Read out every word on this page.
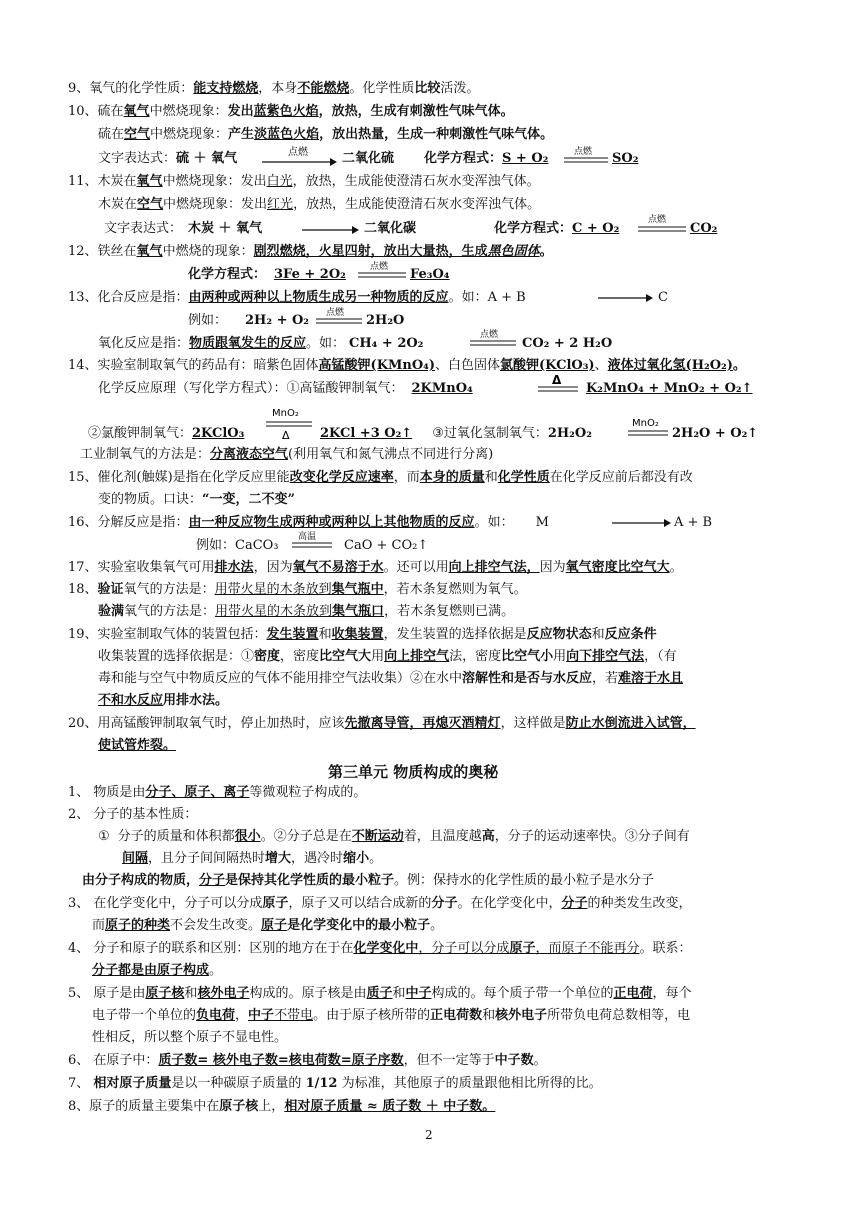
9、氧气的化学性质：能支持燃烧，本身不能燃烧。化学性质比较活泼。
10、硫在氧气中燃烧现象：发出蓝紫色火焰，放热，生成有刺激性气味气体。
硫在空气中燃烧现象：产生淡蓝色火焰，放出热量，生成一种刺激性气味气体。
文字表达式：硫 ＋ 氧气	点燃	二氧化硫 化学方程式：S + O₂	点燃 SO₂
11、木炭在氧气中燃烧现象：发出白光，放热，生成能使澄清石灰水变浑浊气体。
木炭在空气中燃烧现象：发出红光，放热，生成能使澄清石灰水变浑浊气体。
文字表达式： 木炭 ＋ 氧气	二氧化碳	化学方程式：C + O₂
点燃
CO₂
12、铁丝在氧气中燃烧的现象：剧烈燃烧，火星四射，放出大量热，生成黑色固体。
化学方程式： 3Fe + 2O₂	点燃 Fe₃O₄
13、化合反应是指：由两种或两种以上物质生成另一种物质的反应。如：A + B	C
例如： 2H₂ + O₂ 点燃 2H₂O
氧化反应是指：物质跟氧发生的反应。如： CH₄ + 2O₂
点燃
CO₂ + 2 H₂O
14、实验室制取氧气的药品有：暗紫色固体高锰酸钾(KMnO₄)、白色固体氯酸钾(KClO₃)、液体过氧化氢(H₂O₂)。
化学反应原理（写化学方程式）：①高锰酸钾制氧气： 2KMnO₄
Δ
K₂MnO₄ + MnO₂ + O₂↑
②氯酸钾制氧气：2KClO₃
MnO₂
Δ 2KCl +3 O₂↑ ③过氧化氢制氧气：2H₂O₂
MnO₂
2H₂O + O₂↑
工业制氧气的方法是：分离液态空气(利用氧气和氮气沸点不同进行分离)
15、催化剂(触媒)是指在化学反应里能改变化学反应速率，而本身的质量和化学性质在化学反应前后都没有改
变的物质。口诀：“一变，二不变”
16、分解反应是指：由一种反应物生成两种或两种以上其他物质的反应。如： M	A + B
例如：CaCO₃
高温
CaO + CO₂↑
17、实验室收集氧气可用排水法，因为氧气不易溶于水。还可以用向上排空气法，因为氧气密度比空气大。
18、验证氧气的方法是：用带火星的木条放到集气瓶中，若木条复燃则为氧气。
验满氧气的方法是：用带火星的木条放到集气瓶口，若木条复燃则已满。
19、实验室制取气体的装置包括：发生装置和收集装置，发生装置的选择依据是反应物状态和反应条件
收集装置的选择依据是：①密度，密度比空气大用向上排空气法，密度比空气小用向下排空气法，（有
毒和能与空气中物质反应的气体不能用排空气法收集）②在水中溶解性和是否与水反应，若难溶于水且
不和水反应用排水法。
20、用高锰酸钾制取氧气时，停止加热时，应该先撤离导管，再熄灭酒精灯，这样做是防止水倒流进入试管，
使试管炸裂。
第三单元 物质构成的奥秘
1、 物质是由分子、原子、离子等微观粒子构成的。
2、 分子的基本性质：
① 分子的质量和体积都很小。②分子总是在不断运动着，且温度越高，分子的运动速率快。③分子间有
间隔，且分子间间隔热时增大，遇冷时缩小。
由分子构成的物质，分子是保持其化学性质的最小粒子。例：保持水的化学性质的最小粒子是水分子
3、 在化学变化中，分子可以分成原子，原子又可以结合成新的分子。在化学变化中，分子的种类发生改变，
而原子的种类不会发生改变。原子是化学变化中的最小粒子。
4、 分子和原子的联系和区别：区别的地方在于在化学变化中，分子可以分成原子，而原子不能再分。联系：
分子都是由原子构成。
5、 原子是由原子核和核外电子构成的。原子核是由质子和中子构成的。每个质子带一个单位的正电荷，每个
电子带一个单位的负电荷，中子不带电。由于原子核所带的正电荷数和核外电子所带负电荷总数相等，电
性相反，所以整个原子不显电性。
6、 在原子中：质子数= 核外电子数=核电荷数=原子序数，但不一定等于中子数。
7、 相对原子质量是以一种碳原子质量的 1/12 为标准，其他原子的质量跟他相比所得的比。
8、原子的质量主要集中在原子核上，相对原子质量 ≈ 质子数 ＋ 中子数。
2
